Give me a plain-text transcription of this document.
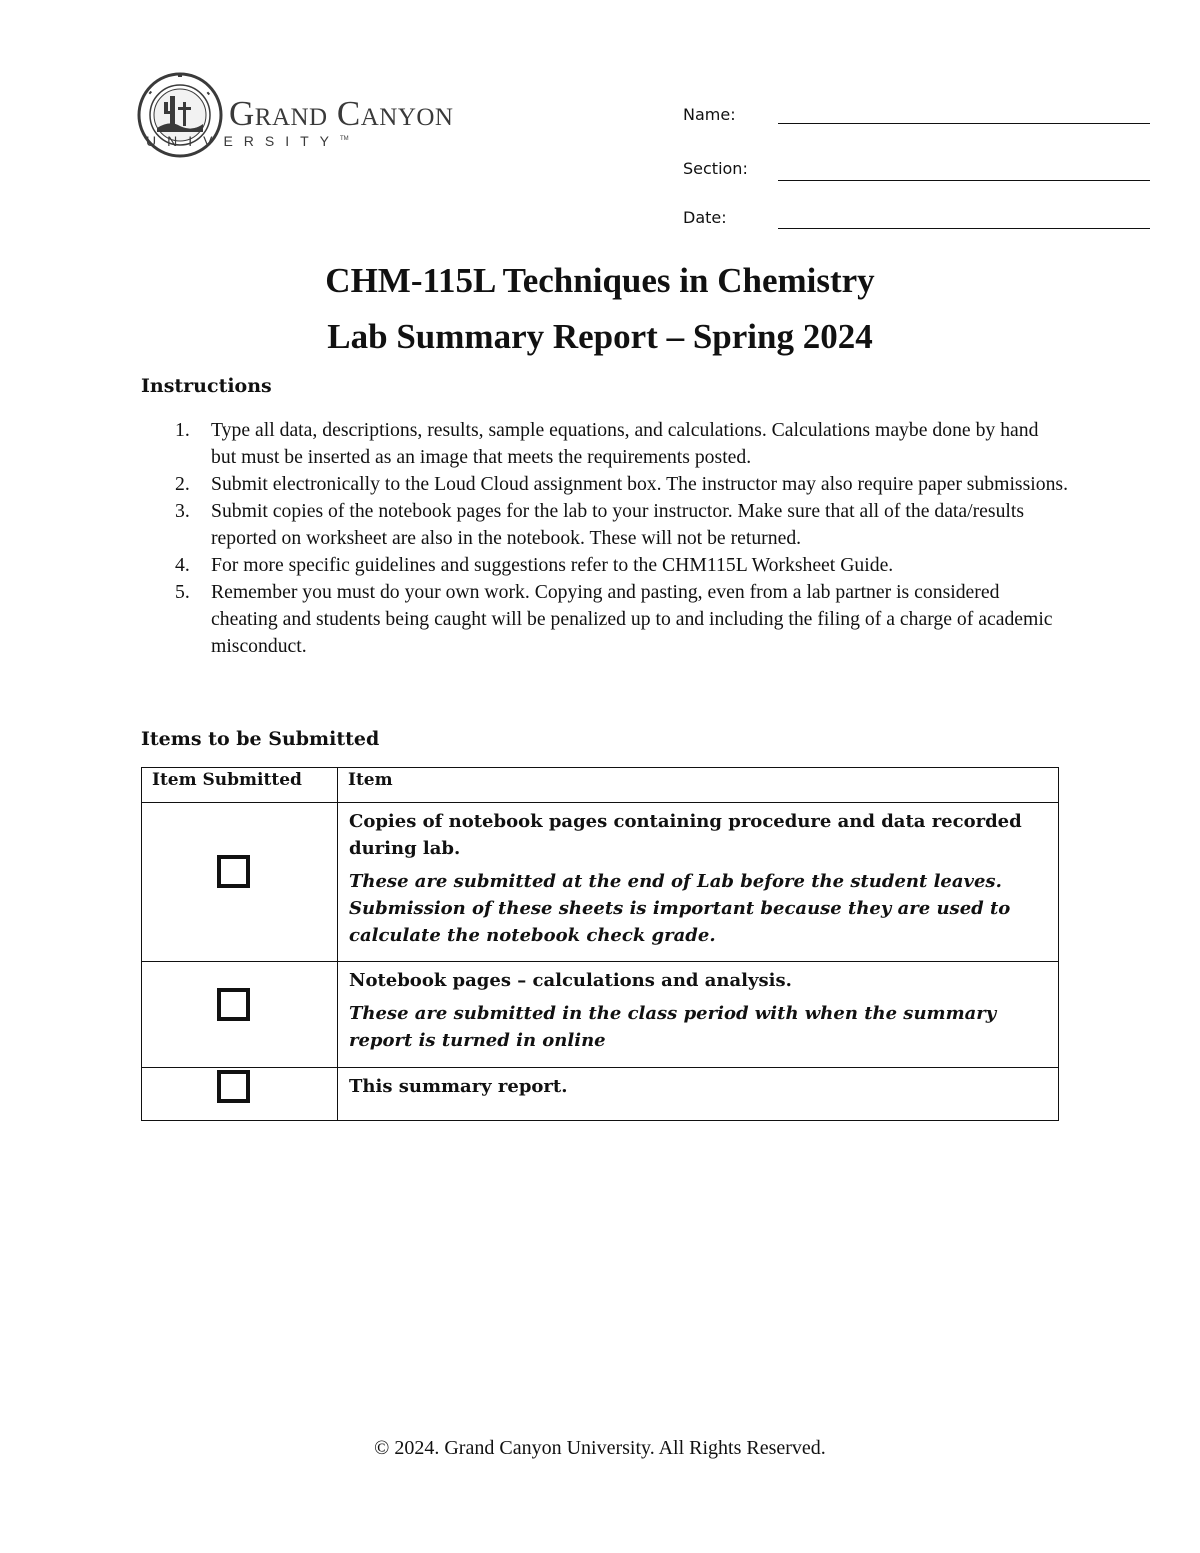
Grand Canyon
UNIVERSITY™
Name:
Section:
Date:
CHM-115L Techniques in Chemistry
Lab Summary Report – Spring 2024
Instructions
1. Type all data, descriptions, results, sample equations, and calculations. Calculations maybe done by hand but must be inserted as an image that meets the requirements posted.
2. Submit electronically to the Loud Cloud assignment box. The instructor may also require paper submissions.
3. Submit copies of the notebook pages for the lab to your instructor. Make sure that all of the data/results reported on worksheet are also in the notebook. These will not be returned.
4. For more specific guidelines and suggestions refer to the CHM115L Worksheet Guide.
5. Remember you must do your own work. Copying and pasting, even from a lab partner is considered cheating and students being caught will be penalized up to and including the filing of a charge of academic misconduct.
Items to be Submitted
Item Submitted	Item

	Copies of notebook pages containing procedure and data recorded during lab.
These are submitted at the end of Lab before the student leaves. Submission of these sheets is important because they are used to calculate the notebook check grade.

	Notebook pages – calculations and analysis.
These are submitted in the class period with when the summary report is turned in online

	This summary report.
© 2024. Grand Canyon University. All Rights Reserved.
